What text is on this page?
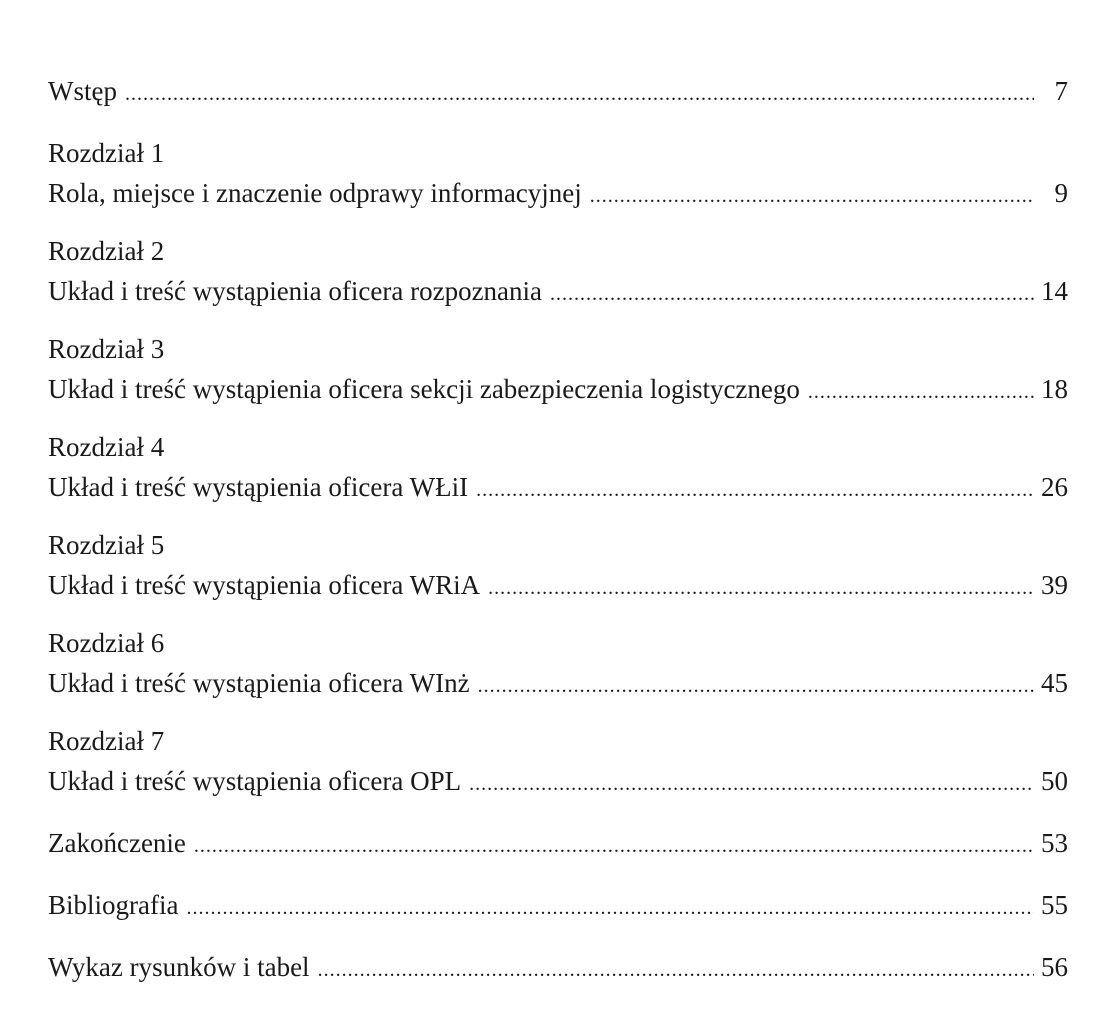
Wstęp .....	7
Rozdział 1
Rola, miejsce i znaczenie odprawy informacyjnej .....	9
Rozdział 2
Układ i treść wystąpienia oficera rozpoznania .....	14
Rozdział 3
Układ i treść wystąpienia oficera sekcji zabezpieczenia logistycznego .....	18
Rozdział 4
Układ i treść wystąpienia oficera WŁiI .....	26
Rozdział 5
Układ i treść wystąpienia oficera WRiA .....	39
Rozdział 6
Układ i treść wystąpienia oficera WInż .....	45
Rozdział 7
Układ i treść wystąpienia oficera OPL .....	50
Zakończenie .....	53
Bibliografia .....	55
Wykaz rysunków i tabel .....	56
